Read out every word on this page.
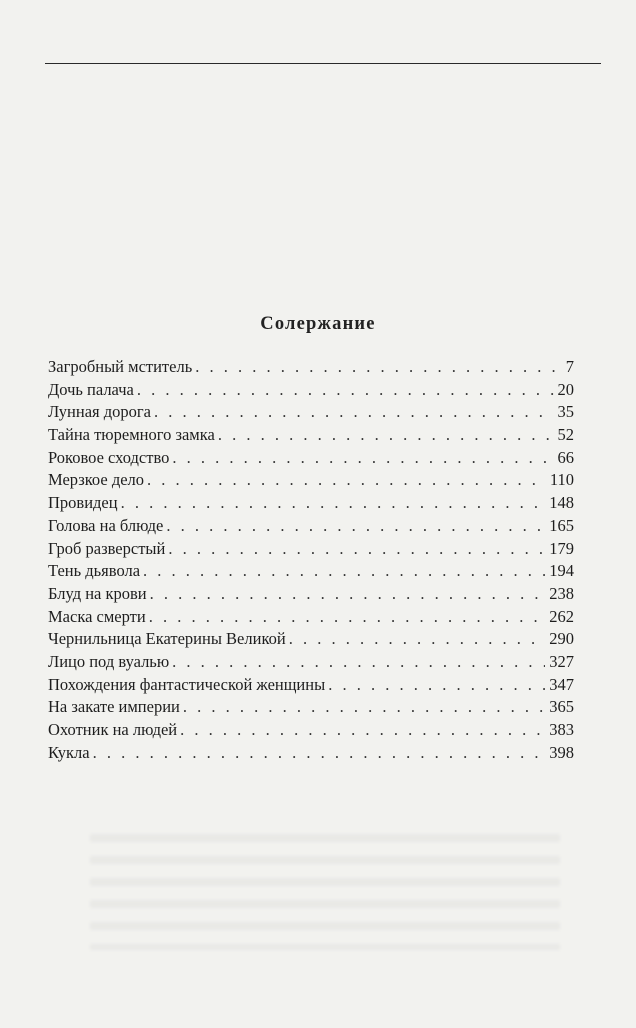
Солержание
Загробный мститель . . .	7
Дочь палача . . .	20
Лунная дорога . . .	35
Тайна тюремного замка . . .	52
Роковое сходство . . .	66
Мерзкое дело . . .	110
Провидец . . .	148
Голова на блюде . . .	165
Гроб разверстый . . .	179
Тень дьявола . . .	194
Блуд на крови . . .	238
Маска смерти . . .	262
Чернильница Екатерины Великой . . .	290
Лицо под вуалью . . .	327
Похождения фантастической женщины . . .	347
На закате империи . . .	365
Охотник на людей . . .	383
Кукла . . .	398
